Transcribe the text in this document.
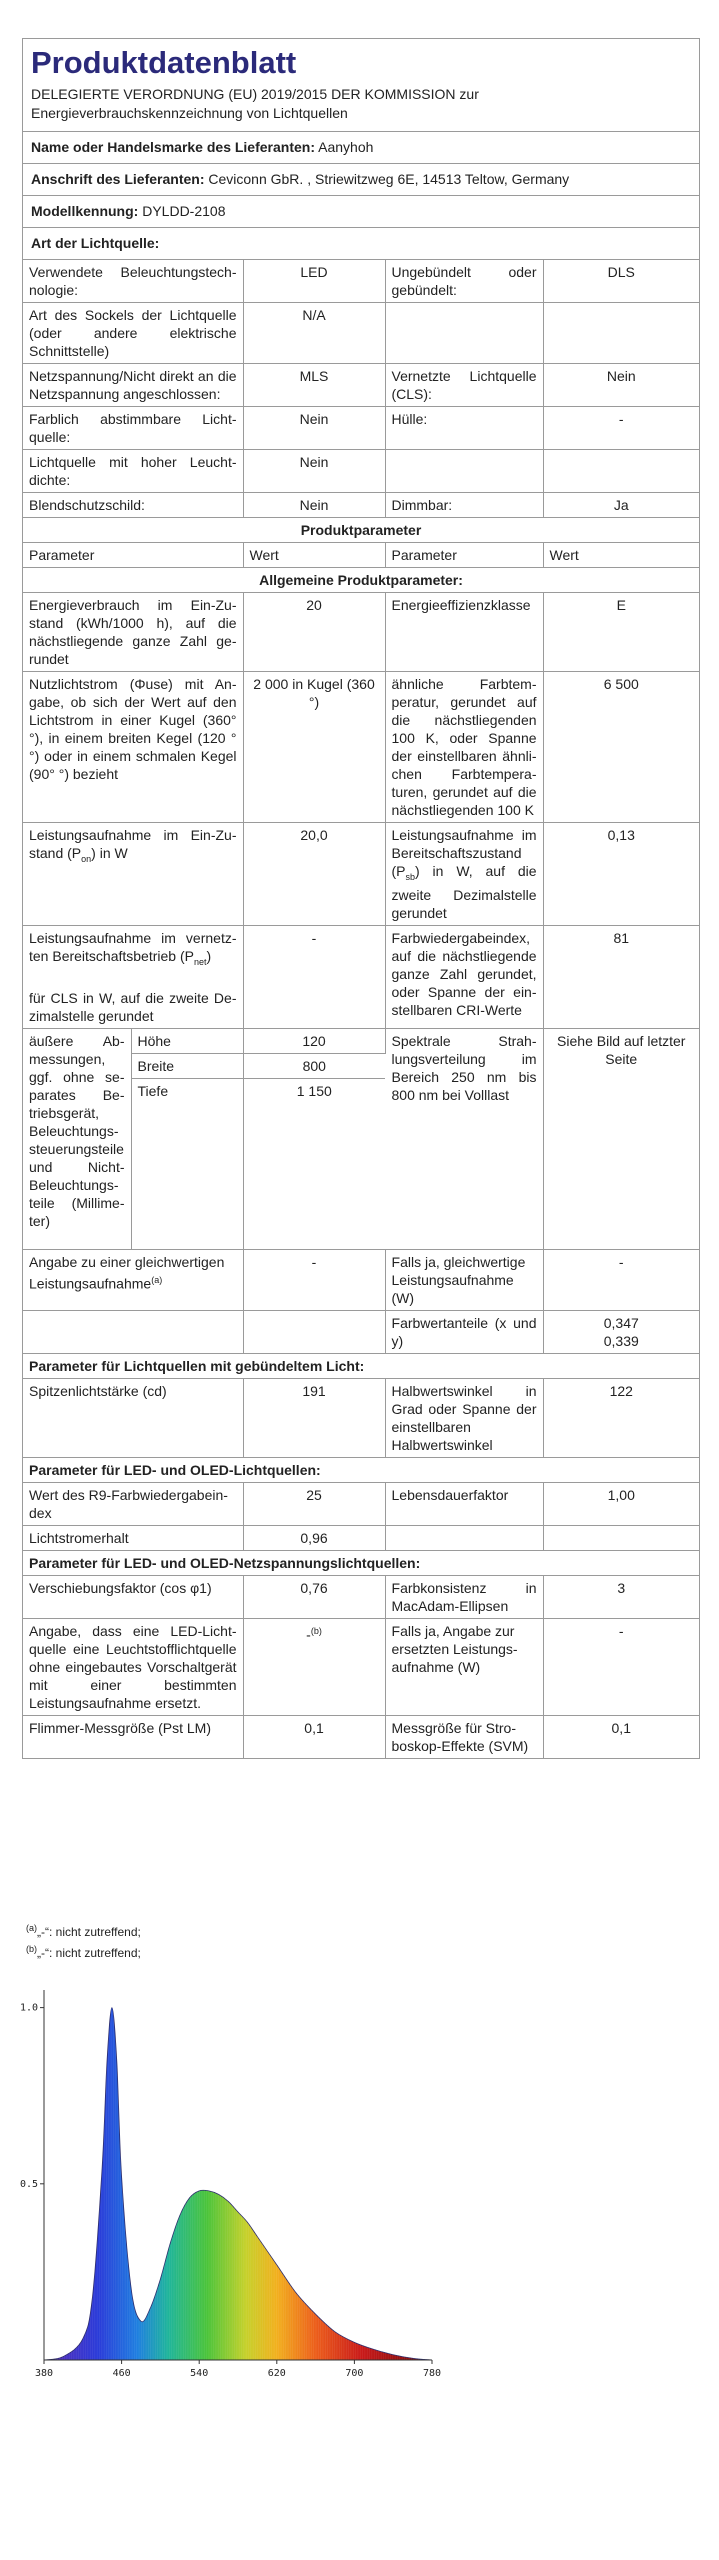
Produktdatenblatt
DELEGIERTE VERORDNUNG (EU) 2019/2015 DER KOMMISSION zur Energieverbrauchskennzeichnung von Lichtquellen
Name oder Handelsmarke des Lieferanten: Aanyhoh
Anschrift des Lieferanten: Ceviconn GbR. , Striewitzweg 6E, 14513 Teltow, Germany
Modellkennung: DYLDD-2108
Art der Lichtquelle:
Verwendete Beleuchtungstechnologie:	LED	Ungebündelt oder gebündelt:	DLS
Art des Sockels der Lichtquelle (oder andere elektrische Schnittstelle)	N/A		
Netzspannung/Nicht direkt an die Netzspannung angeschlossen:	MLS	Vernetzte Lichtquelle (CLS):	Nein
Farblich abstimmbare Lichtquelle:	Nein	Hülle:	-
Lichtquelle mit hoher Leuchtdichte:	Nein		
Blendschutzschild:	Nein	Dimmbar:	Ja
Produktparameter
Parameter		Wert	Parameter	Wert
Allgemeine Produktparameter:				
Energieverbrauch im Ein-Zustand (kWh/1000 h), auf die nächstliegende ganze Zahl gerundet		20	Energieeffizienzklasse	E
Nutzlichtstrom (Φuse) mit Angabe, ob sich der Wert auf den Lichtstrom in einer Kugel (360° °), in einem breiten Kegel (120 °°) oder in einem schmalen Kegel (90° °) bezieht		2 000 in Kugel (360 °)	ähnliche Farbtemperatur, gerundet auf die nächstliegenden 100 K, oder Spanne der einstellbaren ähnlichen Farbtemperaturen, gerundet auf die nächstliegenden 100 K	6 500
Leistungsaufnahme im Ein-Zustand $(P_{on})$ in W		20,0	Leistungsaufnahme im Bereitschaftszustand $(P_{sb})$ in W, auf die zweite Dezimalstelle gerundet	0,13
Leistungsaufnahme im vernetzten Bereitschaftsbetrieb $(P_{net})$

für CLS in W, auf die zweite Dezimalstelle gerundet		-	Farbwiedergabeindex, auf die nächstliegende ganze Zahl gerundet, oder Spanne der einstellbaren CRI-Werte	81
äußere Abmessungen, ggf. ohne separates Betriebsgerät, Beleuchtungssteuerungsteile und Nicht-Beleuchtungsteile (Millimeter)	Höhe	120	Spektrale Strahlungsverteilung im Bereich 250 nm bis 800 nm bei Volllast	Siehe Bild auf letzter Seite
	Breite	800		
	Tiefe	1 150		
Angabe zu einer gleichwertigen Leistungsaufnahme$^{(a)}$		-	Falls ja, gleichwertige Leistungsaufnahme (W)	-
			Farbwertanteile (x und y)	0,347
0,339
Parameter für Lichtquellen mit gebündeltem Licht:				
Spitzenlichtstärke (cd)		191	Halbwertswinkel in Grad oder Spanne der einstellbaren Halbwertswinkel	122
Parameter für LED- und OLED-Lichtquellen:				
Wert des R9-Farbwiedergabeindex		25	Lebensdauerfaktor	1,00
Lichtstromerhalt		0,96		
Parameter für LED- und OLED-Netzspannungslichtquellen:				
Verschiebungsfaktor (cos φ1)		0,76	Farbkonsistenz in MacAdam-Ellipsen	3
Angabe, dass eine LED-Lichtquelle eine Leuchtstofflichtquelle ohne eingebautes Vorschaltgerät mit einer bestimmten Leistungsaufnahme ersetzt.		-$^{(b)}$	Falls ja, Angabe zur ersetzten Leistungsaufnahme (W)	-
Flimmer-Messgröße (Pst LM)		0,1	Messgröße für Stroboskop-Effekte (SVM)	0,1
$^{(a)}$„-“: nicht zutreffend;
$^{(b)}$„-“: nicht zutreffend;
380	460	540	620	700	780
0.5
1.0
